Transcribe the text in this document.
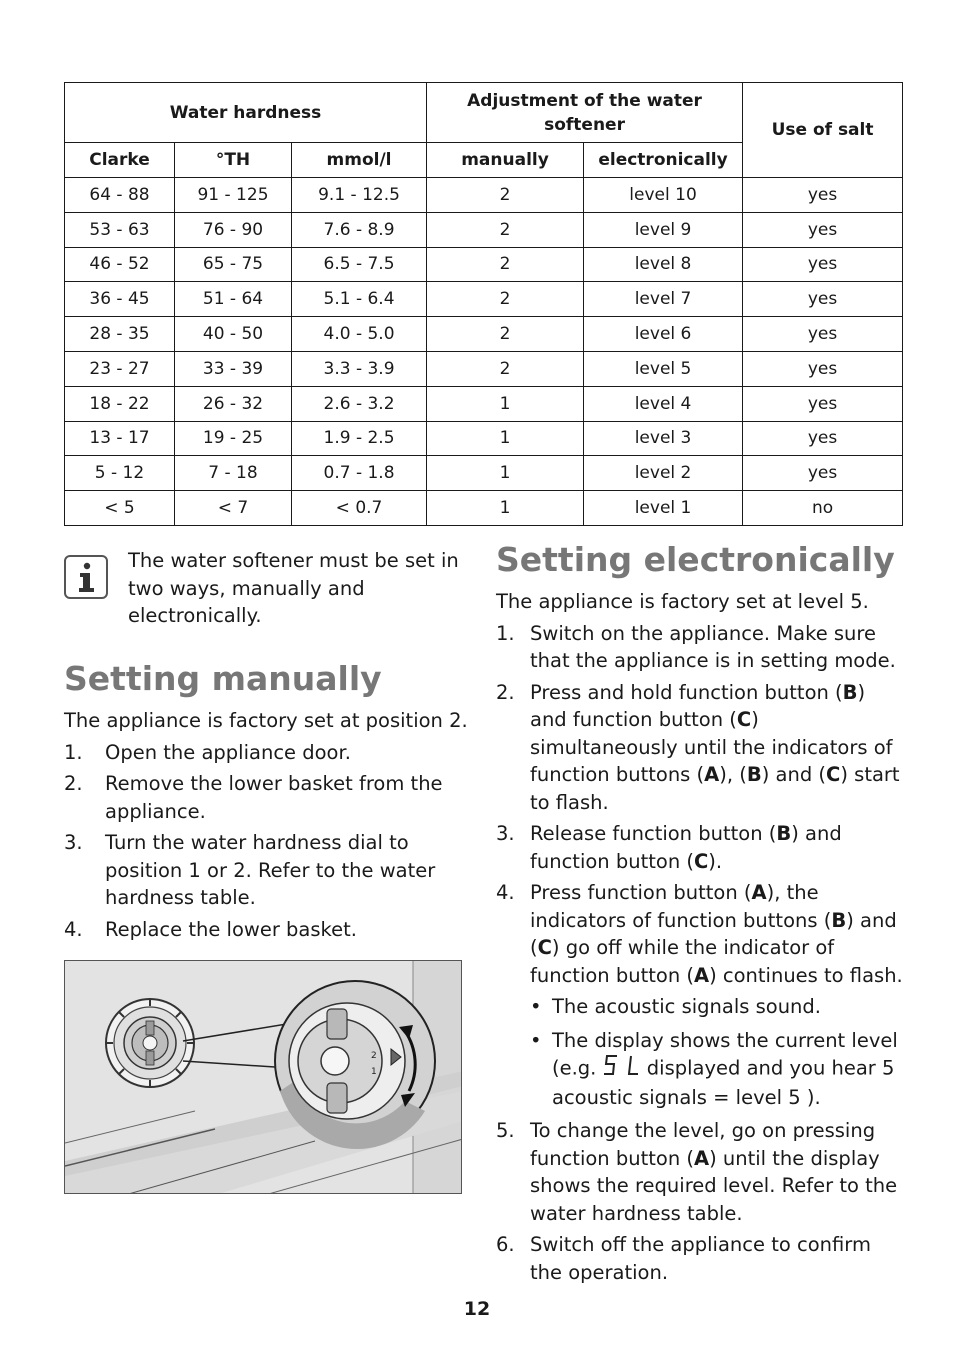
Water hardness			Adjustment of the water softener		Use of salt
Clarke	°TH	mmol/l	manually	electronically	
64 - 88	91 - 125	9.1 - 12.5	2	level 10	yes
53 - 63	76 - 90	7.6 - 8.9	2	level 9	yes
46 - 52	65 - 75	6.5 - 7.5	2	level 8	yes
36 - 45	51 - 64	5.1 - 6.4	2	level 7	yes
28 - 35	40 - 50	4.0 - 5.0	2	level 6	yes
23 - 27	33 - 39	3.3 - 3.9	2	level 5	yes
18 - 22	26 - 32	2.6 - 3.2	1	level 4	yes
13 - 17	19 - 25	1.9 - 2.5	1	level 3	yes
5 - 12	7 - 18	0.7 - 1.8	1	level 2	yes
< 5	< 7	< 0.7	1	level 1	no

The water softener must be set in two ways, manually and electronically.

Setting manually

The appliance is factory set at position 2.

1. Open the appliance door.
2. Remove the lower basket from the appliance.
3. Turn the water hardness dial to position 1 or 2. Refer to the water hardness table.
4. Replace the lower basket.
2
1
Setting electronically

The appliance is factory set at level 5.

1. Switch on the appliance. Make sure that the appliance is in setting mode.
2. Press and hold function button (B) and function button (C) simultaneously until the indicators of function buttons (A), (B) and (C) start to flash.
3. Release function button (B) and function button (C).
4. Press function button (A), the indicators of function buttons (B) and (C) go off while the indicator of function button (A) continues to flash.
• The acoustic signals sound.
• The display shows the current level (e.g.  displayed and you hear 5 acoustic signals = level 5 ).
5. To change the level, go on pressing function button (A) until the display shows the required level. Refer to the water hardness table.
6. Switch off the appliance to confirm the operation.
12
